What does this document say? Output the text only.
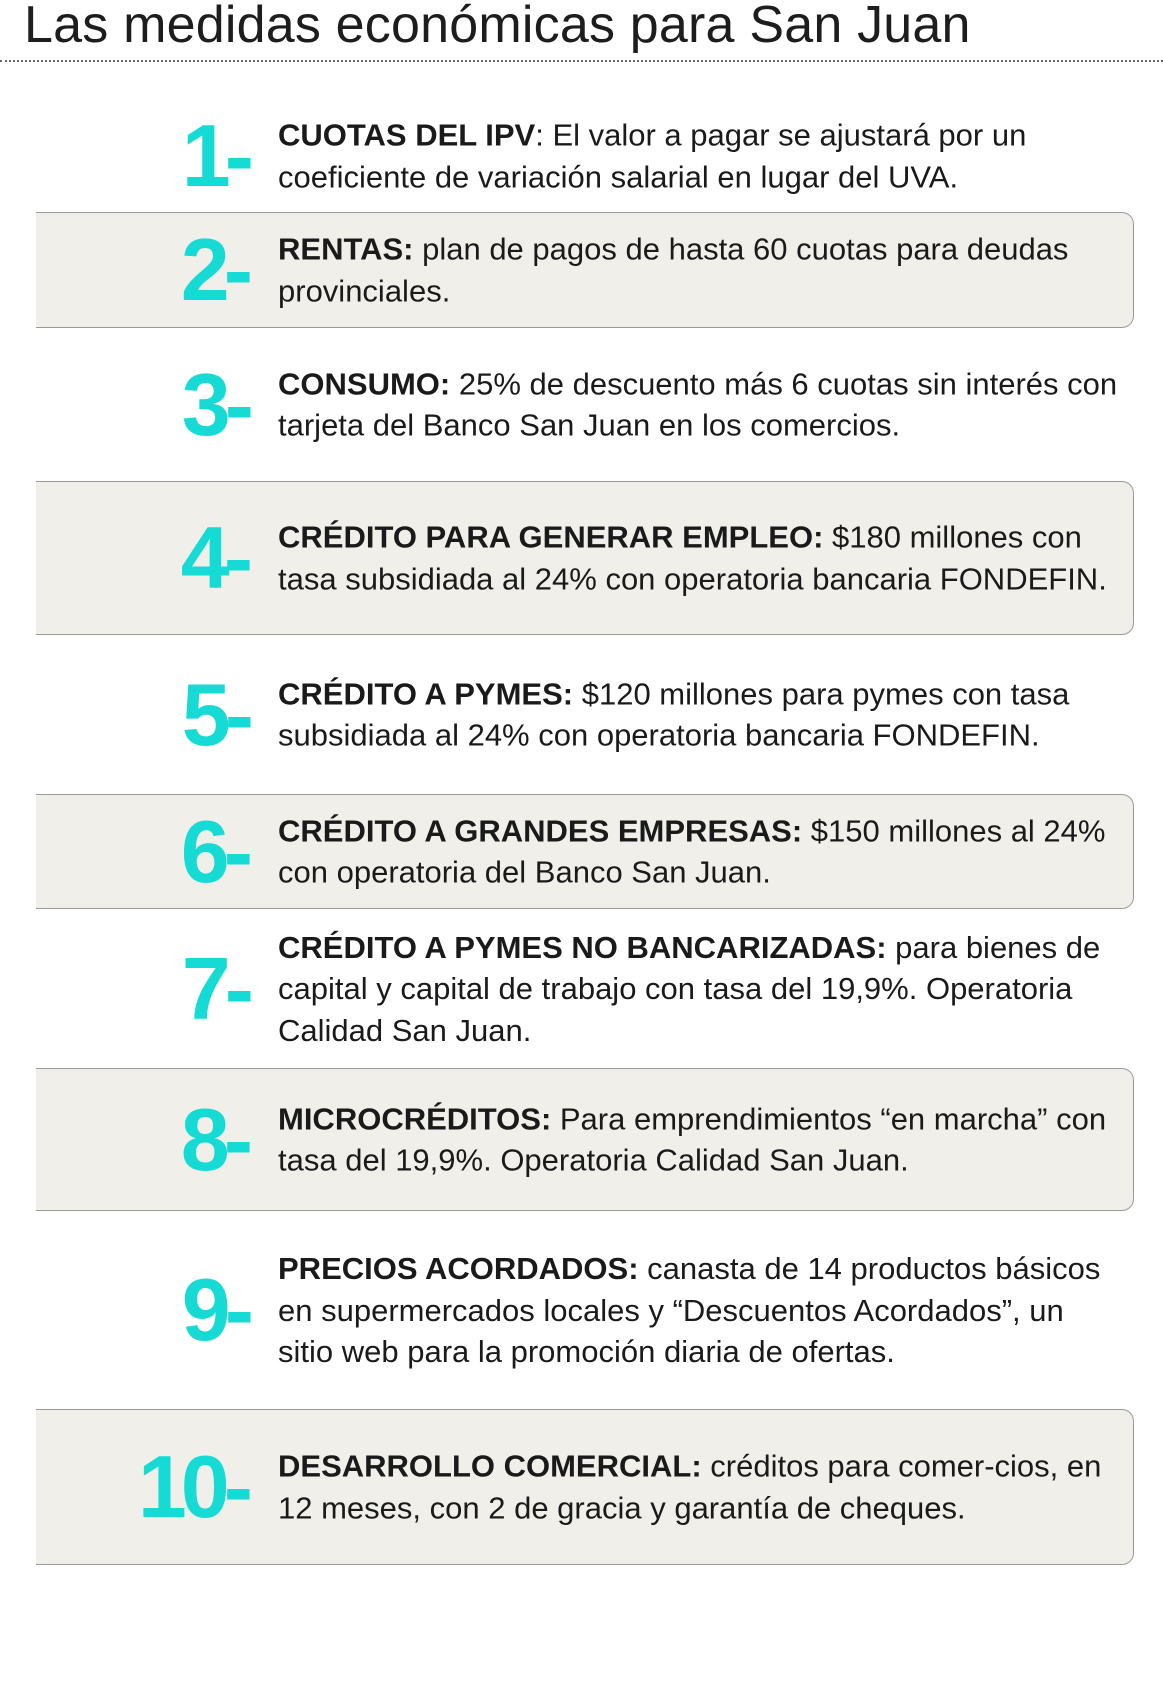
Las medidas económicas para San Juan
1- CUOTAS DEL IPV: El valor a pagar se ajustará por un coeficiente de variación salarial en lugar del UVA.

2- RENTAS: plan de pagos de hasta 60 cuotas para deudas provinciales.

3- CONSUMO: 25% de descuento más 6 cuotas sin interés con tarjeta del Banco San Juan en los comercios.

4- CRÉDITO PARA GENERAR EMPLEO: $180 millones con tasa subsidiada al 24% con operatoria bancaria FONDEFIN.

5- CRÉDITO A PYMES: $120 millones para pymes con tasa subsidiada al 24% con operatoria bancaria FONDEFIN.

6- CRÉDITO A GRANDES EMPRESAS: $150 millones al 24% con operatoria del Banco San Juan.

7- CRÉDITO A PYMES NO BANCARIZADAS: para bienes de capital y capital de trabajo con tasa del 19,9%. Operatoria Calidad San Juan.

8- MICROCRÉDITOS: Para emprendimientos “en marcha” con tasa del 19,9%. Operatoria Calidad San Juan.

9- PRECIOS ACORDADOS: canasta de 14 productos básicos en supermercados locales y “Descuentos Acordados”, un sitio web para la promoción diaria de ofertas.

10- DESARROLLO COMERCIAL: créditos para comer-cios, en 12 meses, con 2 de gracia y garantía de cheques.
